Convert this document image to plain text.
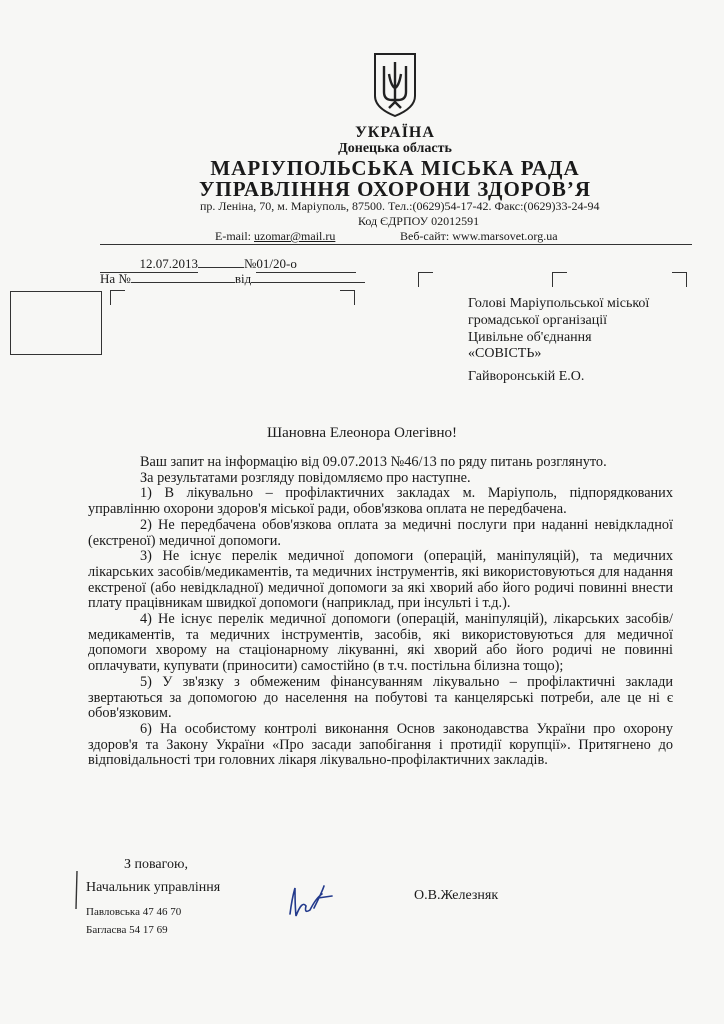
УКРАЇНА
Донецька область
МАРІУПОЛЬСЬКА МІСЬКА РАДА
УПРАВЛІННЯ ОХОРОНИ ЗДОРОВ’Я
пр. Леніна, 70, м. Маріуполь, 87500. Тел.:(0629)54-17-42. Факс:(0629)33-24-94
Код ЄДРПОУ 02012591
E-mail: uzomar@mail.ru	Веб-сайт: www.marsovet.org.ua
12.07.2013	№01/20-о
На №	від
Голові Маріупольської міської
громадської організації
Цивільне об'єднання
«СОВІСТЬ»
Гайворонській Е.О.
Шановна Елеонора Олегівно!

Ваш запит на інформацію від 09.07.2013 №46/13 по ряду питань розглянуто.

За результатами розгляду повідомляємо про наступне.

1) В лікувально – профілактичних закладах м. Маріуполь, підпорядкованих управлінню охорони здоров'я міської ради, обов'язкова оплата не передбачена.

2) Не передбачена обов'язкова оплата за медичні послуги при наданні невідкладної (екстреної) медичної допомоги.

3) Не існує перелік медичної допомоги (операцій, маніпуляцій), та медичних лікарських засобів/медикаментів, та медичних інструментів, які використовуються для надання екстреної (або невідкладної) медичної допомоги за які хворий або його родичі повинні внести плату працівникам швидкої допомоги (наприклад, при інсульті і т.д.).

4) Не існує перелік медичної допомоги (операцій, маніпуляцій), лікарських засобів/медикаментів, та медичних інструментів, засобів, які використовуються для медичної допомоги хворому на стаціонарному лікуванні, які хворий або його родичі не повинні оплачувати, купувати (приносити) самостійно (в т.ч. постільна білизна тощо);

5) У зв'язку з обмеженим фінансуванням лікувально – профілактичні заклади звертаються за допомогою до населення на побутові та канцелярські потреби, але це ні є обов'язковим.

6) На особистому контролі виконання Основ законодавства України про охорону здоров'я та Закону України «Про засади запобігання і протидії корупції». Притягнено до відповідальності три головних лікаря лікувально-профілактичних закладів.

З повагою,
Начальник управління
О.В.Железняк
Павловська 47 46 70
Багласва 54 17 69
